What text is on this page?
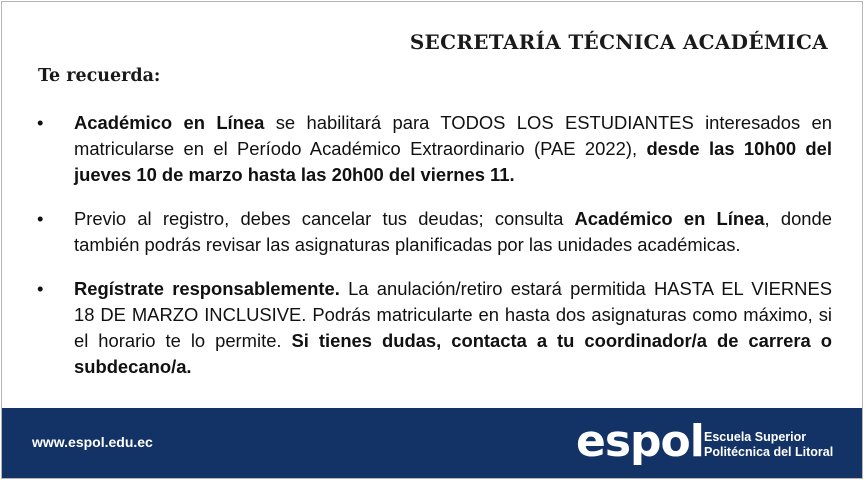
SECRETARÍA TÉCNICA ACADÉMICA
Te recuerda:
• Académico en Línea se habilitará para TODOS LOS ESTUDIANTES interesados en matricularse en el Período Académico Extraordinario (PAE 2022), desde las 10h00 del jueves 10 de marzo hasta las 20h00 del viernes 11.
• Previo al registro, debes cancelar tus deudas; consulta Académico en Línea, donde también podrás revisar las asignaturas planificadas por las unidades académicas.
• Regístrate responsablemente. La anulación/retiro estará permitida HASTA EL VIERNES 18 DE MARZO INCLUSIVE. Podrás matricularte en hasta dos asignaturas como máximo, si el horario te lo permite. Si tienes dudas, contacta a tu coordinador/a de carrera o subdecano/a.
www.espol.edu.ec	espol Escuela Superior
Politécnica del Litoral
